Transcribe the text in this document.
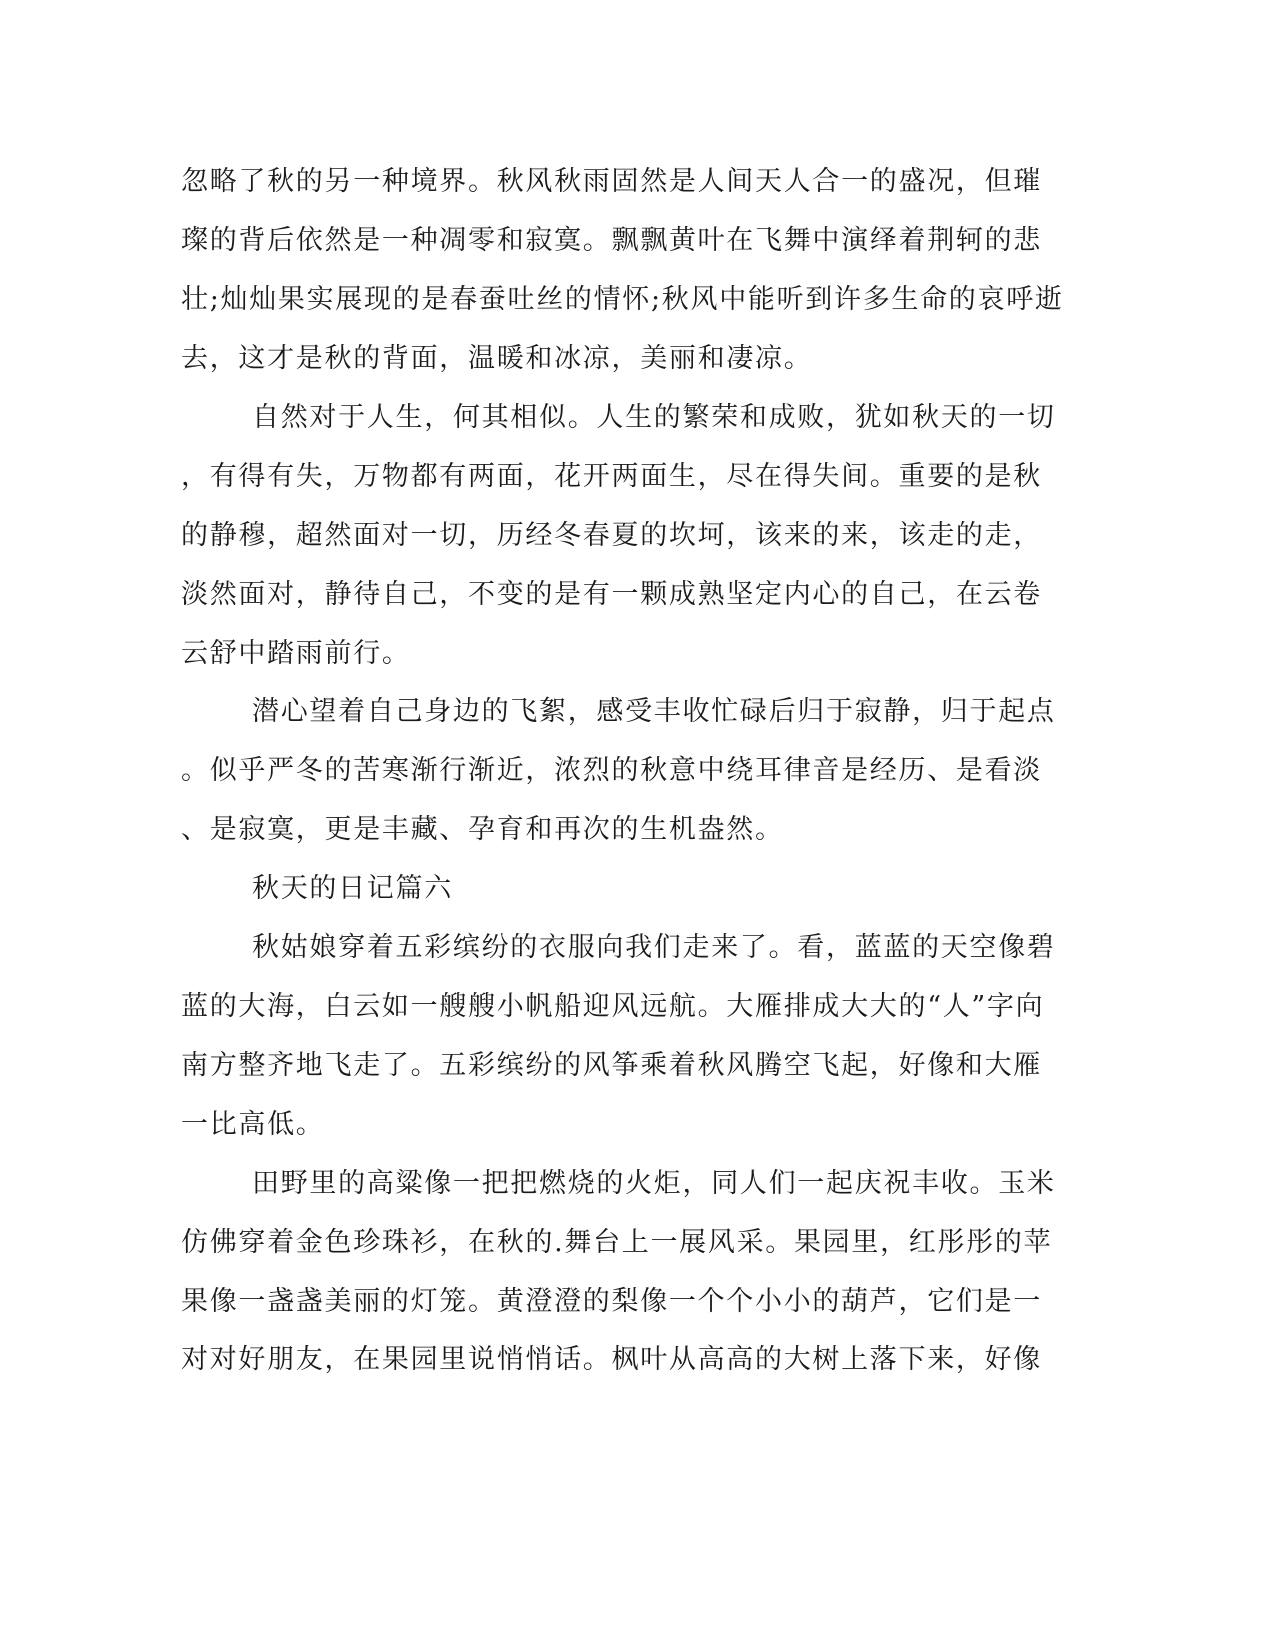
忽略了秋的另一种境界。秋风秋雨固然是人间天人合一的盛况，但璀
璨的背后依然是一种凋零和寂寞。飘飘黄叶在飞舞中演绎着荆轲的悲
壮;灿灿果实展现的是春蚕吐丝的情怀;秋风中能听到许多生命的哀呼逝
去，这才是秋的背面，温暖和冰凉，美丽和凄凉。
自然对于人生，何其相似。人生的繁荣和成败，犹如秋天的一切
，有得有失，万物都有两面，花开两面生，尽在得失间。重要的是秋
的静穆，超然面对一切，历经冬春夏的坎坷，该来的来，该走的走，
淡然面对，静待自己，不变的是有一颗成熟坚定内心的自己，在云卷
云舒中踏雨前行。
潜心望着自己身边的飞絮，感受丰收忙碌后归于寂静，归于起点
。似乎严冬的苦寒渐行渐近，浓烈的秋意中绕耳律音是经历、是看淡
、是寂寞，更是丰藏、孕育和再次的生机盎然。
秋天的日记篇六
秋姑娘穿着五彩缤纷的衣服向我们走来了。看，蓝蓝的天空像碧
蓝的大海，白云如一艘艘小帆船迎风远航。大雁排成大大的“人”字向
南方整齐地飞走了。五彩缤纷的风筝乘着秋风腾空飞起，好像和大雁
一比高低。
田野里的高粱像一把把燃烧的火炬，同人们一起庆祝丰收。玉米
仿佛穿着金色珍珠衫，在秋的.舞台上一展风采。果园里，红彤彤的苹
果像一盏盏美丽的灯笼。黄澄澄的梨像一个个小小的葫芦，它们是一
对对好朋友，在果园里说悄悄话。枫叶从高高的大树上落下来，好像
